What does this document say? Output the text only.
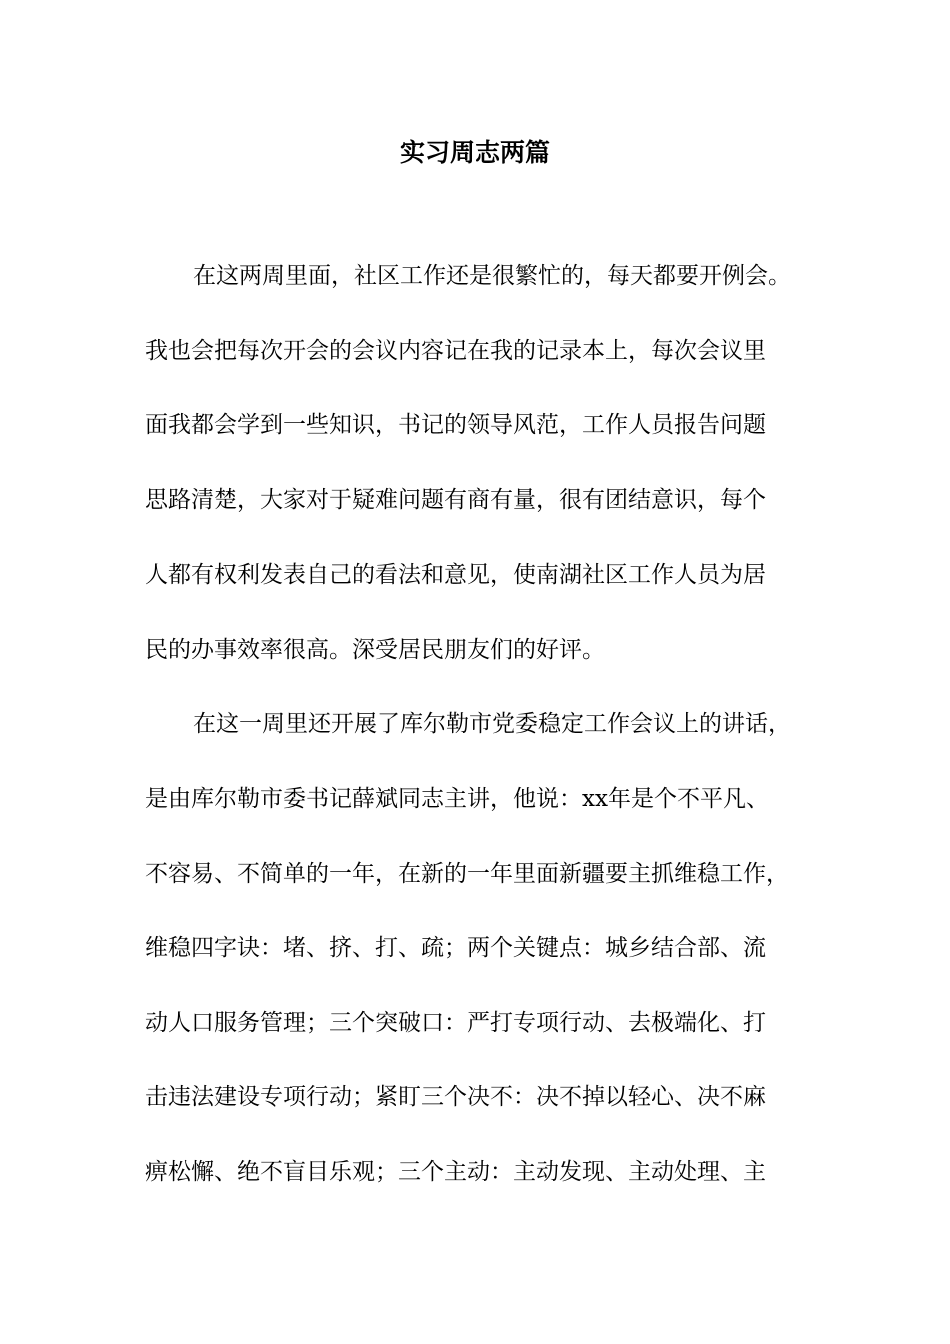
实习周志两篇

在这两周里面，社区工作还是很繁忙的，每天都要开例会。

我也会把每次开会的会议内容记在我的记录本上，每次会议里

面我都会学到一些知识，书记的领导风范，工作人员报告问题

思路清楚，大家对于疑难问题有商有量，很有团结意识，每个

人都有权利发表自己的看法和意见，使南湖社区工作人员为居

民的办事效率很高。深受居民朋友们的好评。

在这一周里还开展了库尔勒市党委稳定工作会议上的讲话，

是由库尔勒市委书记薛斌同志主讲，他说：xx年是个不平凡、

不容易、不简单的一年，在新的一年里面新疆要主抓维稳工作，

维稳四字诀：堵、挤、打、疏；两个关键点：城乡结合部、流

动人口服务管理；三个突破口：严打专项行动、去极端化、打

击违法建设专项行动；紧盯三个决不：决不掉以轻心、决不麻

痹松懈、绝不盲目乐观；三个主动：主动发现、主动处理、主
